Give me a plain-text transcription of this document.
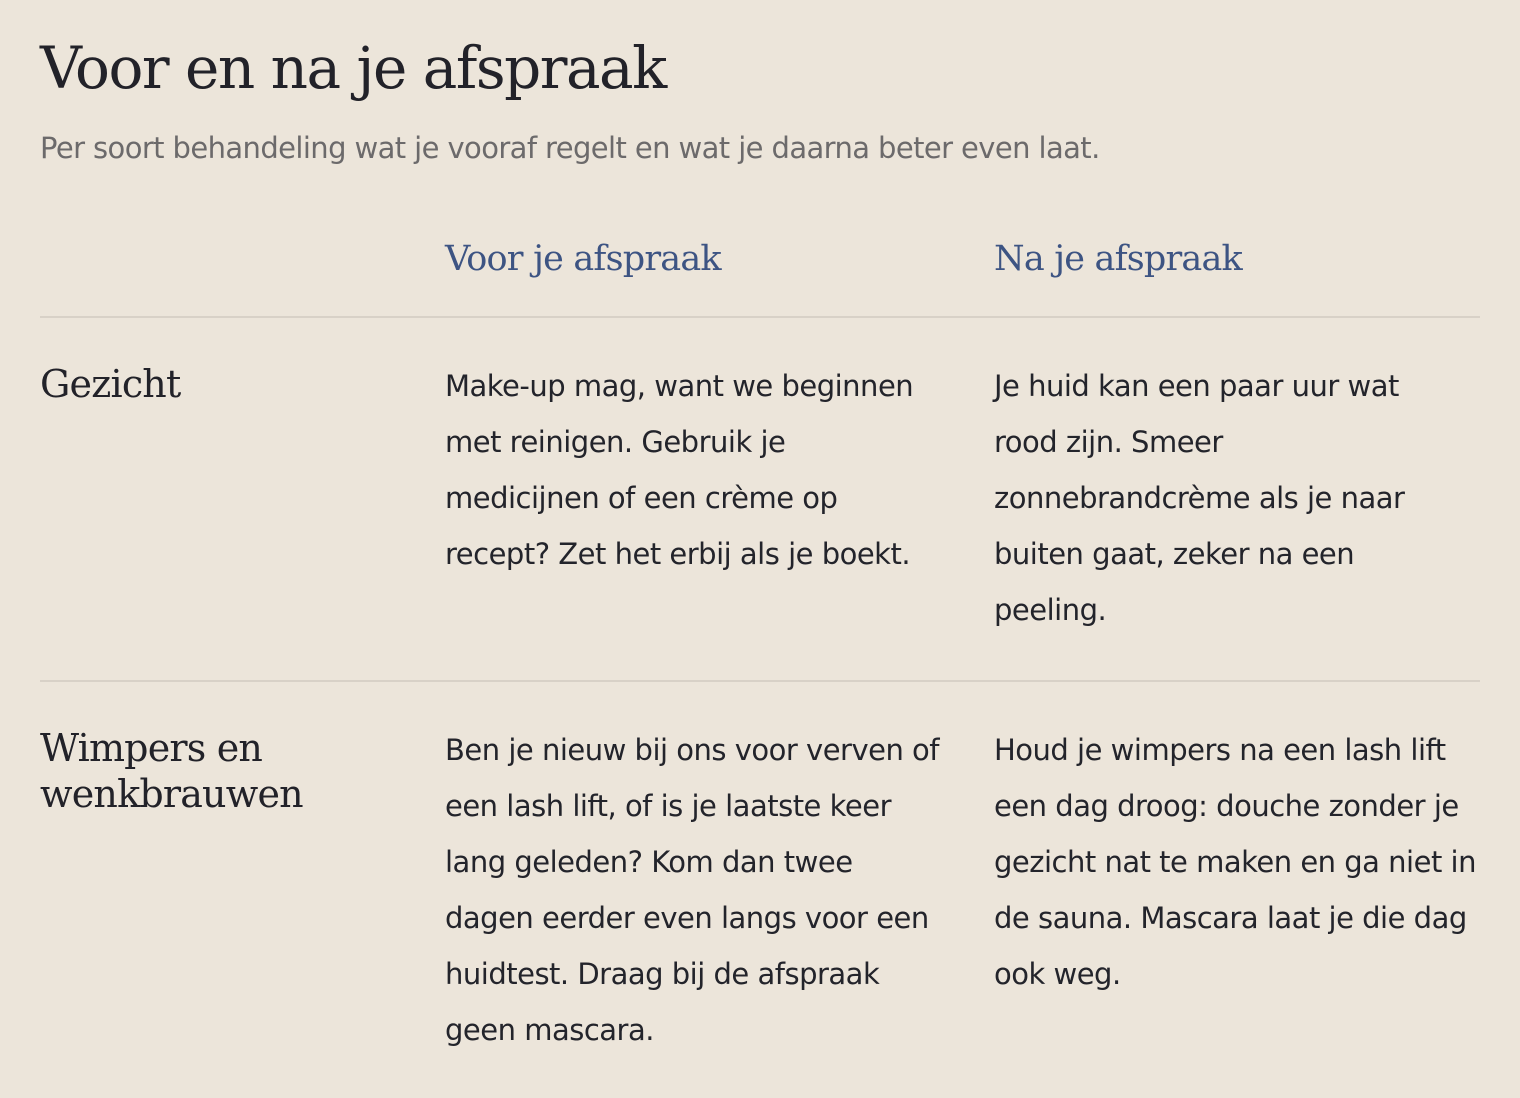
Voor en na je afspraak

Per soort behandeling wat je vooraf regelt en wat je daarna beter even laat.

Voor je afspraak	Na je afspraak
Gezicht	Make-up mag, want we beginnen met reinigen. Gebruik je medicijnen of een crème op recept? Zet het erbij als je boekt.

Je huid kan een paar uur wat rood zijn. Smeer zonnebrandcrème als je naar buiten gaat, zeker na een peeling.

Wimpers en wenkbrauwen

Ben je nieuw bij ons voor verven of een lash lift, of is je laatste keer lang geleden? Kom dan twee dagen eerder even langs voor een huidtest. Draag bij de afspraak geen mascara.

Houd je wimpers na een lash lift een dag droog: douche zonder je gezicht nat te maken en ga niet in de sauna. Mascara laat je die dag ook weg.
